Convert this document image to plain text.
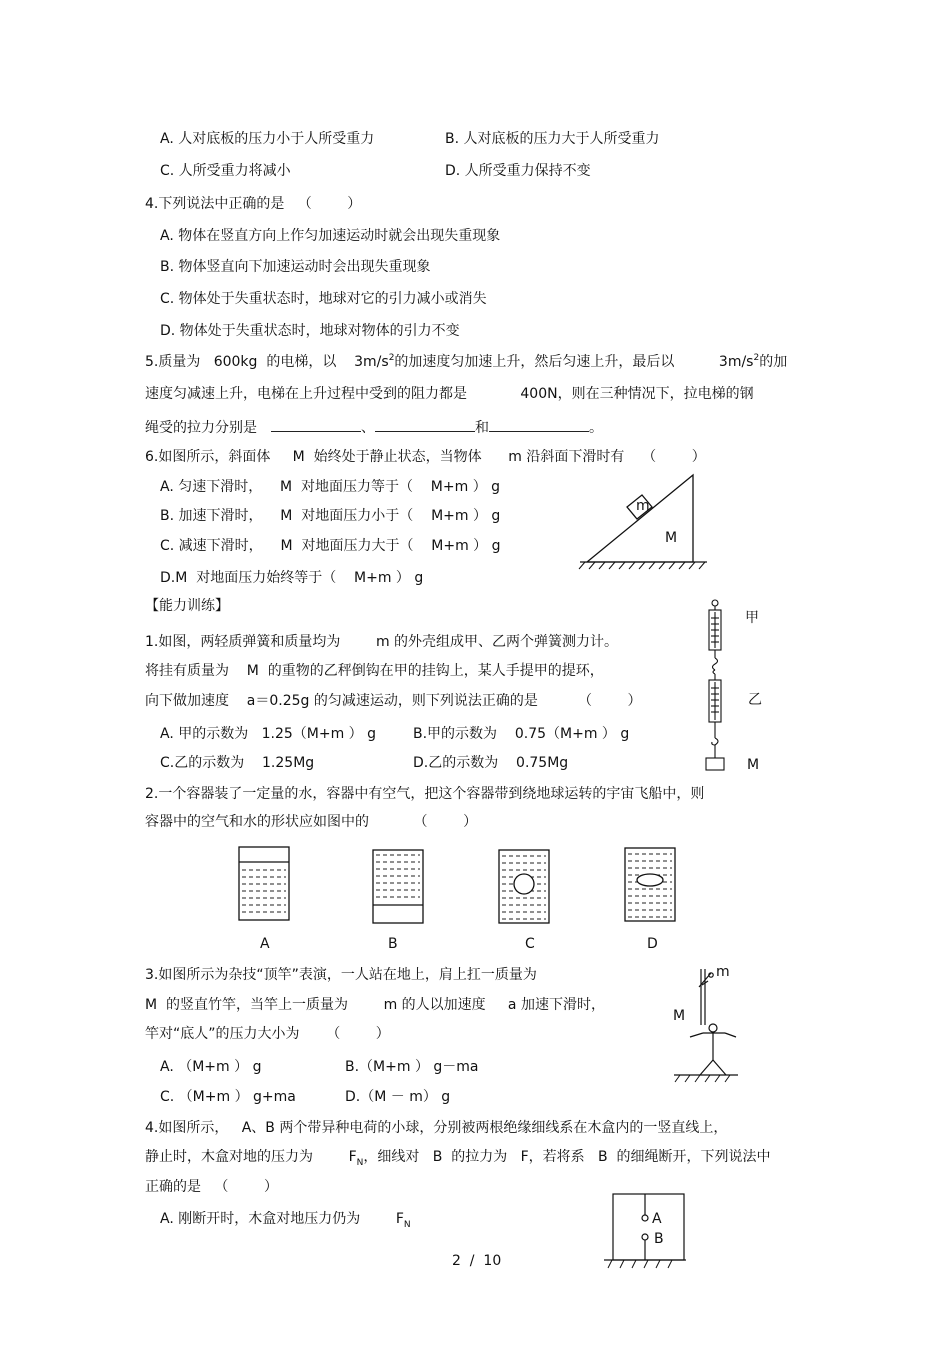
A. 人对底板的压力小于人所受重力	B. 人对底板的压力大于人所受重力
C. 人所受重力将减小	D. 人所受重力保持不变
4.下列说法中正确的是   （        ）
A. 物体在竖直方向上作匀加速运动时就会出现失重现象
B. 物体竖直向下加速运动时会出现失重现象
C. 物体处于失重状态时，地球对它的引力减小或消失
D. 物体处于失重状态时，地球对物体的引力不变
5.质量为   600kg  的电梯，以    $3m/s^2$的加速度匀加速上升，然后匀速上升，最后以          $3m/s^2$的加
速度匀减速上升，电梯在上升过程中受到的阻力都是            400N，则在三种情况下，拉电梯的钢
绳受的拉力分别是	、	和	。
6.如图所示，斜面体     M  始终处于静止状态，当物体      m 沿斜面下滑时有    （        ）
A. 匀速下滑时，    M  对地面压力等于（    M+m ） g
B. 加速下滑时，    M  对地面压力小于（    M+m ） g
C. 减速下滑时，    M  对地面压力大于（    M+m ） g
D.M  对地面压力始终等于（    M+m ） g
m
M
【能力训练】
1.如图，两轻质弹簧和质量均为        m 的外壳组成甲、乙两个弹簧测力计。
将挂有质量为    M  的重物的乙秤倒钩在甲的挂钩上，某人手提甲的提环，
向下做加速度    a＝0.25g 的匀减速运动，则下列说法正确的是         （        ）
A. 甲的示数为   1.25（M+m ） g	B.甲的示数为    0.75（M+m ） g
C.乙的示数为    1.25Mg	D.乙的示数为    0.75Mg
甲
乙
M
2.一个容器装了一定量的水，容器中有空气，把这个容器带到绕地球运转的宇宙飞船中，则
容器中的空气和水的形状应如图中的          （        ）
A	B	C	D
3.如图所示为杂技“顶竿”表演，一人站在地上，肩上扛一质量为
M  的竖直竹竿，当竿上一质量为        m 的人以加速度     a 加速下滑时，
竿对“底人”的压力大小为      （        ）
A. （M+m ） g	B.（M+m ） g－ma
C. （M+m ） g+ma	D.（M － m） g
m
M
4.如图所示，   A、B 两个带异种电荷的小球，分别被两根绝缘细线系在木盒内的一竖直线上，
静止时，木盒对地的压力为        $F_N$，细线对   B  的拉力为   F，若将系   B  的细绳断开，下列说法中
正确的是   （        ）
A. 刚断开时，木盒对地压力仍为        $F_N$	A
B
2  /  10
